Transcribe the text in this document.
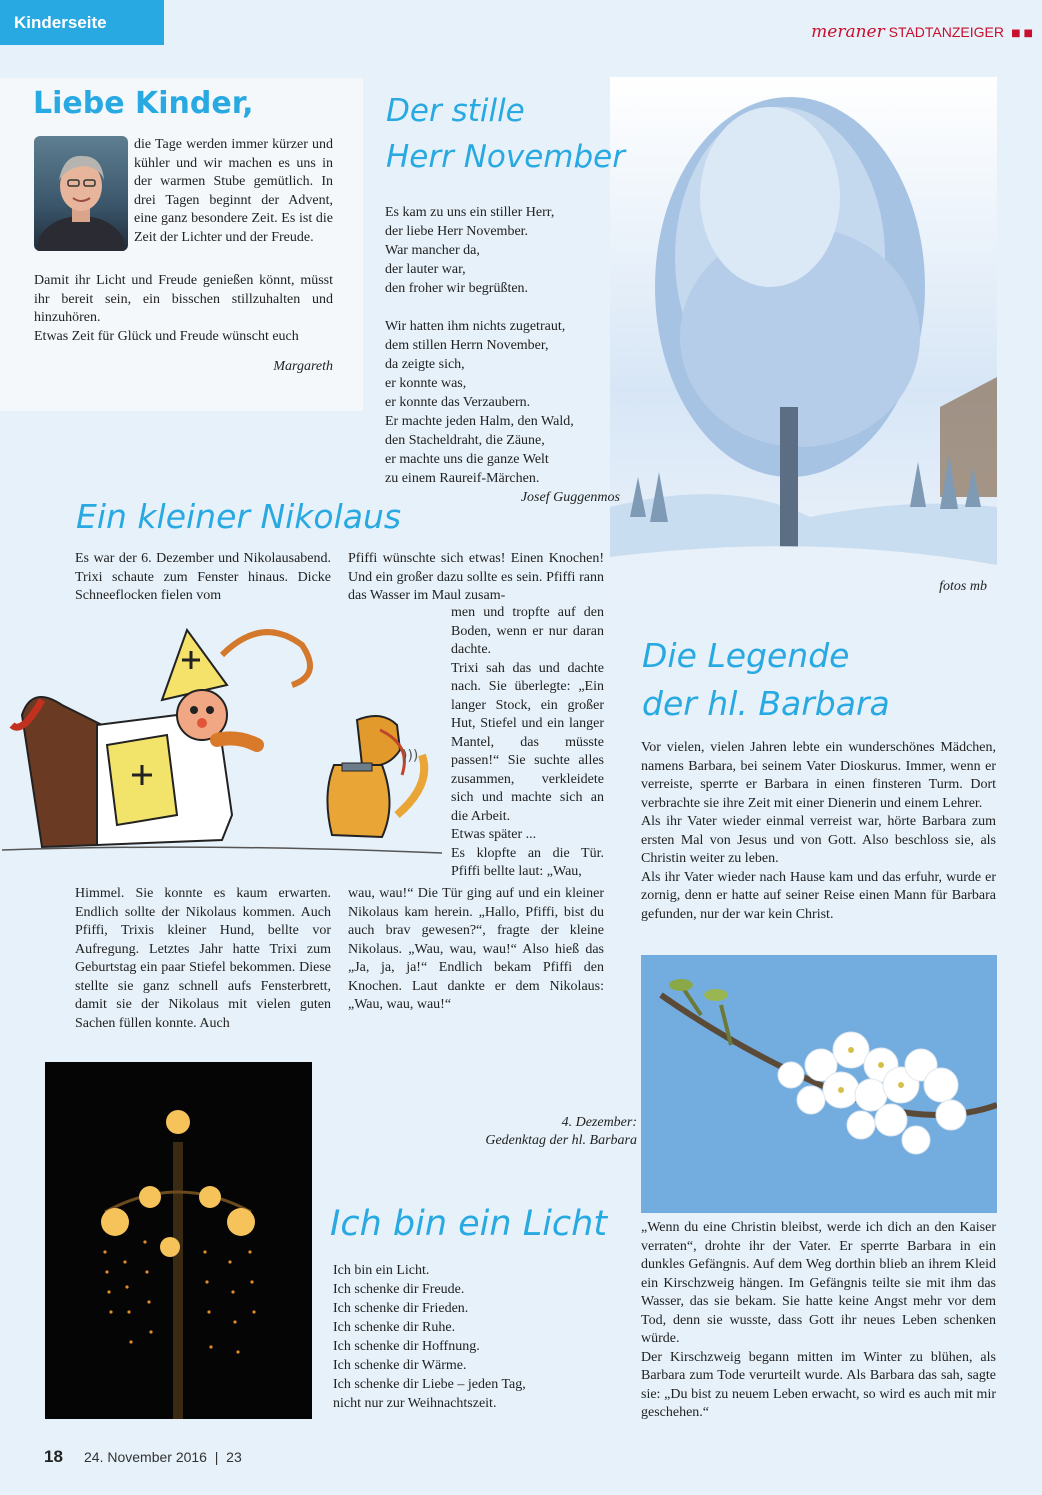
Kinderseite	meraner STADTANZEIGER ■■
Liebe Kinder,

die Tage werden immer kürzer und kühler und wir machen es uns in der warmen Stube gemütlich. In drei Tagen beginnt der Advent, eine ganz besondere Zeit. Es ist die Zeit der Lichter und der Freude.

Damit ihr Licht und Freude genießen könnt, müsst ihr bereit sein, ein bisschen stillzuhalten und hinzuhören.
Etwas Zeit für Glück und Freude wünscht euch
Margareth
Der stille
Herr November
Es kam zu uns ein stiller Herr,
der liebe Herr November.
War mancher da,
der lauter war,
den froher wir begrüßten.
Wir hatten ihm nichts zugetraut,
dem stillen Herrn November,
da zeigte sich,
er konnte was,
er konnte das Verzaubern.
Er machte jeden Halm, den Wald,
den Stacheldraht, die Zäune,
er machte uns die ganze Welt
zu einem Raureif-Märchen.
Josef Guggenmos
fotos mb
Ein kleiner Nikolaus

Es war der 6. Dezember und Nikolausabend. Trixi schaute zum Fenster hinaus. Dicke Schneeflocken fielen vom

Pfiffi wünschte sich etwas! Einen Knochen! Und ein großer dazu sollte es sein. Pfiffi rann das Wasser im Maul zusam-

men und tropfte auf den Boden, wenn er nur daran dachte.
Trixi sah das und dachte nach. Sie überlegte: „Ein langer Stock, ein großer Hut, Stiefel und ein langer Mantel, das müsste passen!“ Sie suchte alles zusammen, verkleidete sich und machte sich an die Arbeit.
Etwas später ...
Es klopfte an die Tür. Pfiffi bellte laut: „Wau,
)))

Himmel. Sie konnte es kaum erwarten. Endlich sollte der Nikolaus kommen. Auch Pfiffi, Trixis kleiner Hund, bellte vor Aufregung. Letztes Jahr hatte Trixi zum Geburtstag ein paar Stiefel bekommen. Diese stellte sie ganz schnell aufs Fensterbrett, damit sie der Nikolaus mit vielen guten Sachen füllen konnte. Auch

wau, wau!“ Die Tür ging auf und ein kleiner Nikolaus kam herein. „Hallo, Pfiffi, bist du auch brav gewesen?“, fragte der kleine Nikolaus. „Wau, wau, wau!“ Also hieß das „Ja, ja, ja!“ Endlich bekam Pfiffi den Knochen. Laut dankte er dem Nikolaus: „Wau, wau, wau!“

Die Legende
der hl. Barbara
Vor vielen, vielen Jahren lebte ein wunderschönes Mädchen, namens Barbara, bei seinem Vater Dioskurus. Immer, wenn er verreiste, sperrte er Barbara in einen finsteren Turm. Dort verbrachte sie ihre Zeit mit einer Dienerin und einem Lehrer.
Als ihr Vater wieder einmal verreist war, hörte Barbara zum ersten Mal von Jesus und von Gott. Also beschloss sie, als Christin weiter zu leben.
Als ihr Vater wieder nach Hause kam und das erfuhr, wurde er zornig, denn er hatte auf seiner Reise einen Mann für Barbara gefunden, nur der war kein Christ.
4. Dezember:
Gedenktag der hl. Barbara
„Wenn du eine Christin bleibst, werde ich dich an den Kaiser verraten“, drohte ihr der Vater. Er sperrte Barbara in ein dunkles Gefängnis. Auf dem Weg dorthin blieb an ihrem Kleid ein Kirschzweig hängen. Im Gefängnis teilte sie mit ihm das Wasser, das sie bekam. Sie hatte keine Angst mehr vor dem Tod, denn sie wusste, dass Gott ihr neues Leben schenken würde.
Der Kirschzweig begann mitten im Winter zu blühen, als Barbara zum Tode verurteilt wurde. Als Barbara das sah, sagte sie: „Du bist zu neuem Leben erwacht, so wird es auch mit mir geschehen.“
Ich bin ein Licht
Ich bin ein Licht.
Ich schenke dir Freude.
Ich schenke dir Frieden.
Ich schenke dir Ruhe.
Ich schenke dir Hoffnung.
Ich schenke dir Wärme.
Ich schenke dir Liebe – jeden Tag,
nicht nur zur Weihnachtszeit.
18 24. November 2016  |  23
